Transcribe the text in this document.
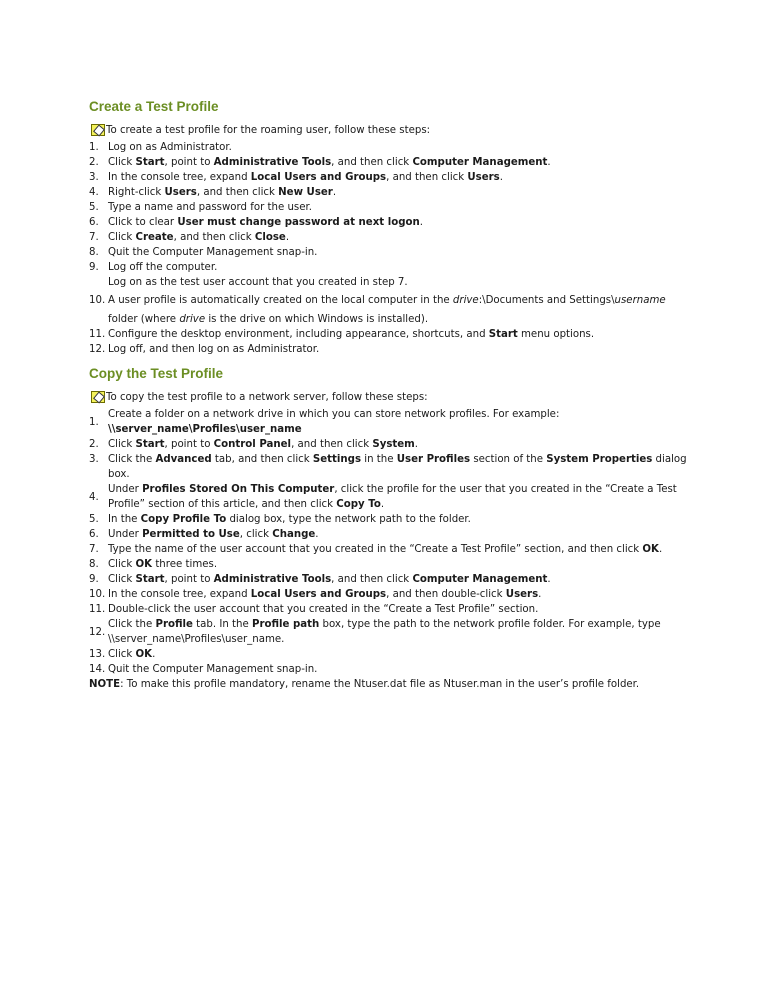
Create a Test Profile
To create a test profile for the roaming user, follow these steps:
1. Log on as Administrator.
2. Click Start, point to Administrative Tools, and then click Computer Management.
3. In the console tree, expand Local Users and Groups, and then click Users.
4. Right-click Users, and then click New User.
5. Type a name and password for the user.
6. Click to clear User must change password at next logon.
7. Click Create, and then click Close.
8. Quit the Computer Management snap-in.
9. Log off the computer.
Log on as the test user account that you created in step 7.
10. A user profile is automatically created on the local computer in the drive:\Documents and Settings\username
folder (where drive is the drive on which Windows is installed).
11. Configure the desktop environment, including appearance, shortcuts, and Start menu options.
12. Log off, and then log on as Administrator.
Copy the Test Profile
To copy the test profile to a network server, follow these steps:
1.
Create a folder on a network drive in which you can store network profiles. For example:
\\server_name\Profiles\user_name
2. Click Start, point to Control Panel, and then click System.
3. Click the Advanced tab, and then click Settings in the User Profiles section of the System Properties dialog box.
4.
Under Profiles Stored On This Computer, click the profile for the user that you created in the “Create a Test
Profile” section of this article, and then click Copy To.
5. In the Copy Profile To dialog box, type the network path to the folder.
6. Under Permitted to Use, click Change.
7. Type the name of the user account that you created in the “Create a Test Profile” section, and then click OK.
8. Click OK three times.
9. Click Start, point to Administrative Tools, and then click Computer Management.
10. In the console tree, expand Local Users and Groups, and then double-click Users.
11. Double-click the user account that you created in the “Create a Test Profile” section.
12.
Click the Profile tab. In the Profile path box, type the path to the network profile folder. For example, type
\\server_name\Profiles\user_name.
13. Click OK.
14. Quit the Computer Management snap-in.
NOTE: To make this profile mandatory, rename the Ntuser.dat file as Ntuser.man in the user’s profile folder.
